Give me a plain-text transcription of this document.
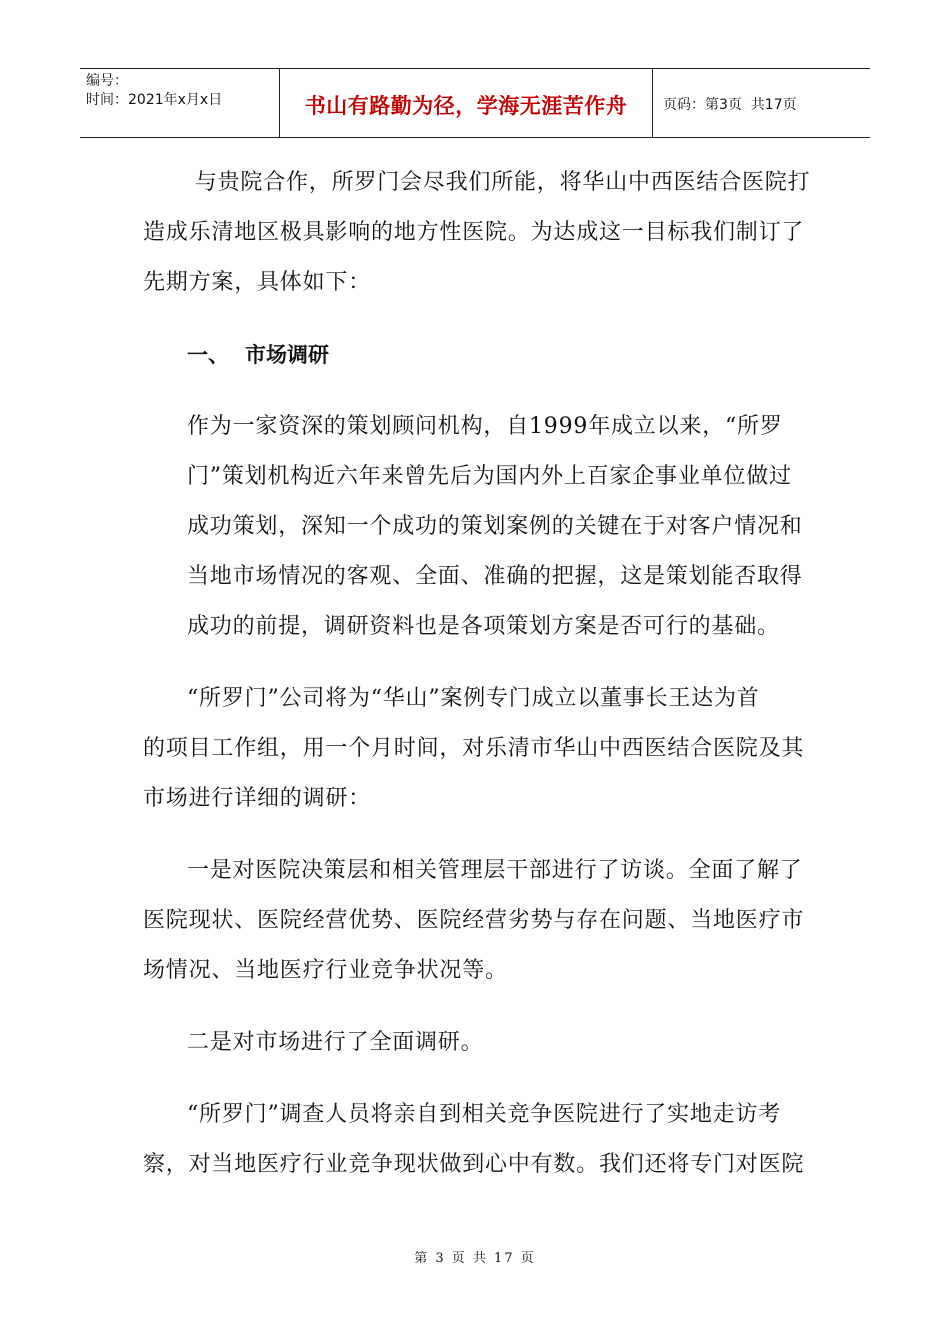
编号：
时间：2021年x月x日	书山有路勤为径，学海无涯苦作舟	页码：第3页  共17页

与贵院合作，所罗门会尽我们所能，将华山中西医结合医院打

造成乐清地区极具影响的地方性医院。为达成这一目标我们制订了

先期方案，具体如下：

一、 市场调研

作为一家资深的策划顾问机构，自1999年成立以来，“所罗

门”策划机构近六年来曾先后为国内外上百家企事业单位做过

成功策划，深知一个成功的策划案例的关键在于对客户情况和

当地市场情况的客观、全面、准确的把握，这是策划能否取得

成功的前提，调研资料也是各项策划方案是否可行的基础。

“所罗门”公司将为“华山”案例专门成立以董事长王达为首

的项目工作组，用一个月时间，对乐清市华山中西医结合医院及其

市场进行详细的调研：

一是对医院决策层和相关管理层干部进行了访谈。全面了解了

医院现状、医院经营优势、医院经营劣势与存在问题、当地医疗市

场情况、当地医疗行业竞争状况等。

二是对市场进行了全面调研。

“所罗门”调查人员将亲自到相关竞争医院进行了实地走访考

察，对当地医疗行业竞争现状做到心中有数。我们还将专门对医院

第 3 页 共 17 页
